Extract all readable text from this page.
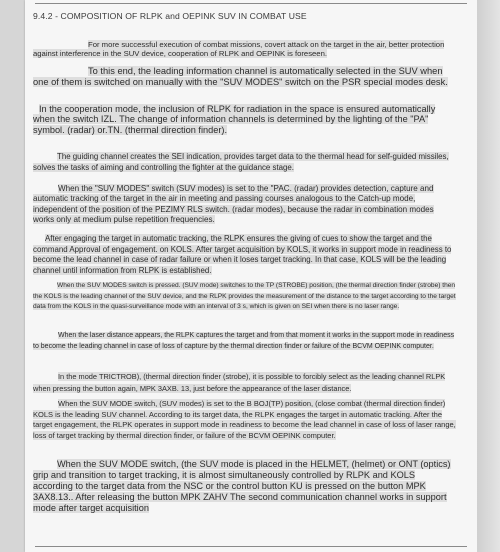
9.4.2 - COMPOSITION OF RLPK and OEPINK SUV IN COMBAT USE

For more successful execution of combat missions, covert attack on the target in the air, better protection against interference in the SUV device, cooperation of RLPK and OEPINK is foreseen.

To this end, the leading information channel is automatically selected in the SUV when one of them is switched on manually with the "SUV MODES" switch on the PSR special modes desk.

In the cooperation mode, the inclusion of RLPK for radiation in the space is ensured automatically when the switch IZL. The change of information channels is determined by the lighting of the "PA" symbol. (radar) or.TN. (thermal direction finder).

The guiding channel creates the SEI indication, provides target data to the thermal head for self-guided missiles, solves the tasks of aiming and controlling the fighter at the guidance stage.

When the "SUV MODES" switch (SUV modes) is set to the "PAC. (radar) provides detection, capture and automatic tracking of the target in the air in meeting and passing courses analogous to the Catch-up mode, independent of the position of the PEZIMY RLS switch. (radar modes), because the radar in combination modes works only at medium pulse repetition frequencies.

After engaging the target in automatic tracking, the RLPK ensures the giving of cues to show the target and the command Approval of engagement. on KOLS. After target acquisition by KOLS, it works in support mode in readiness to become the lead channel in case of radar failure or when it loses target tracking. In that case, KOLS will be the leading channel until information from RLPK is established.

When the SUV MODES switch is pressed. (SUV mode) switches to the TP (STROBE) position, (the thermal direction finder (strobe) then the KOLS is the leading channel of the SUV device, and the RLPK provides the measurement of the distance to the target according to the target data from the KOLS in the quasi-surveillance mode with an interval of 3 s, which is given on SEI when there is no laser range.

When the laser distance appears, the RLPK captures the target and from that moment it works in the support mode in readiness to become the leading channel in case of loss of capture by the thermal direction finder or failure of the BCVM OEPINK computer.

In the mode TRICTROB), (thermal direction finder (strobe), it is possible to forcibly select as the leading channel RLPK when pressing the button again, MPK 3AXB. 13, just before the appearance of the laser distance.

When the SUV MODE switch, (SUV modes) is set to the B BOJ(TP) position, (close combat (thermal direction finder) KOLS is the leading SUV channel. According to its target data, the RLPK engages the target in automatic tracking. After the target engagement, the RLPK operates in support mode in readiness to become the lead channel in case of loss of laser range, loss of target tracking by thermal direction finder, or failure of the BCVM OEPINK computer.

When the SUV MODE switch, (the SUV mode is placed in the HELMET, (helmet) or ONT (optics) grip and transition to target tracking, it is almost simultaneously controlled by RLPK and KOLS according to the target data from the NSC or the control button KU is pressed on the button MPK 3AX8.13.. After releasing the button MPK ZAHV The second communication channel works in support mode after target acquisition
